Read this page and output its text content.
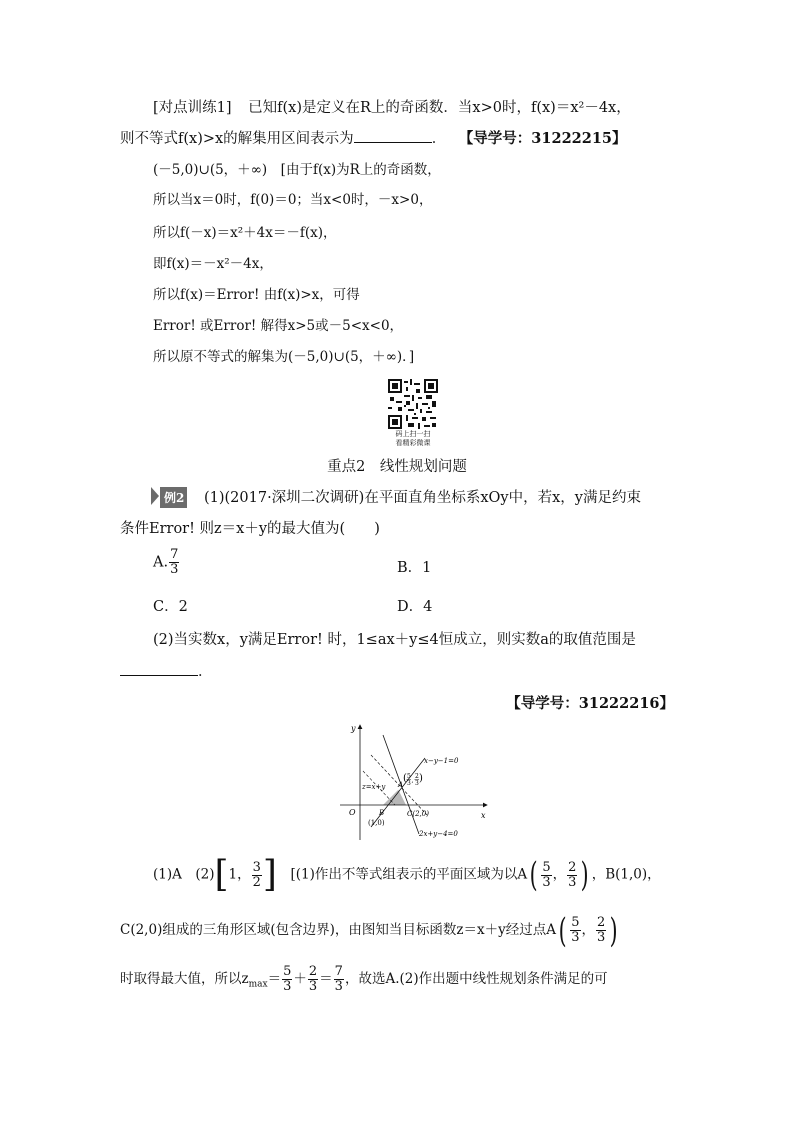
[对点训练1] 已知f(x)是定义在R上的奇函数．当x>0时，f(x)＝x²－4x，
则不等式f(x)>x的解集用区间表示为	． 【导学号：31222215】
(－5,0)∪(5，＋∞)　[由于f(x)为R上的奇函数，
所以当x＝0时，f(0)＝0；当x<0时，－x>0，
所以f(－x)＝x²＋4x＝－f(x)，
即f(x)＝－x²－4x，
所以f(x)＝Error! 由f(x)>x，可得
Error! 或Error! 解得x>5或－5<x<0，
所以原不等式的解集为(－5,0)∪(5，＋∞)．]
码上扫一扫
看精彩微课
重点2　线性规划问题
例2 (1)(2017·深圳二次调研)在平面直角坐标系xOy中，若x，y满足约束
条件Error! 则z＝x＋y的最大值为(　　)
A. $\frac{7}{3}$	B．1
C．2	D．4
(2)当实数x，y满足Error! 时，1≤ax＋y≤4恒成立，则实数a的取值范围是
．
【导学号：31222216】
y
x
O
x−y−1=0
2x+y−4=0
z=x+y A
( 5
3 ,
2
3 )
B
(1,0)
C(2,0)
(1)A　(2)[1， $\frac{3}{2}$ ]　[(1)作出不等式组表示的平面区域为以$A( \frac{5}{3}$ ， $\frac{2}{3}$ ) ，B(1,0)，
C(2,0)组成的三角形区域(包含边界)，由图知当目标函数z＝x＋y经过点$A( \frac{5}{3}$ ， $\frac{2}{3}$ )
时取得最大值，所以$z_{max}= \frac{5}{3} + \frac{2}{3} = \frac{7}{3}$ ，故选A.(2)作出题中线性规划条件满足的可
